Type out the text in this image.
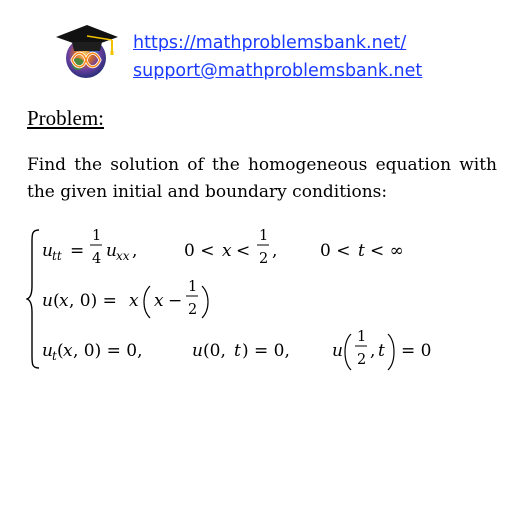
https://mathproblemsbank.net/
support@mathproblemsbank.net
Problem:

Find the solution of the homogeneous equation with the given initial and boundary conditions:

u tt =
1
4 u xx ,	0 < x <
1
2 ,	0 < t < ∞
u ( x , 0) = x x −
1
2
u t ( x , 0) = 0,	u (0, t ) = 0, u
1
2 , t = 0
